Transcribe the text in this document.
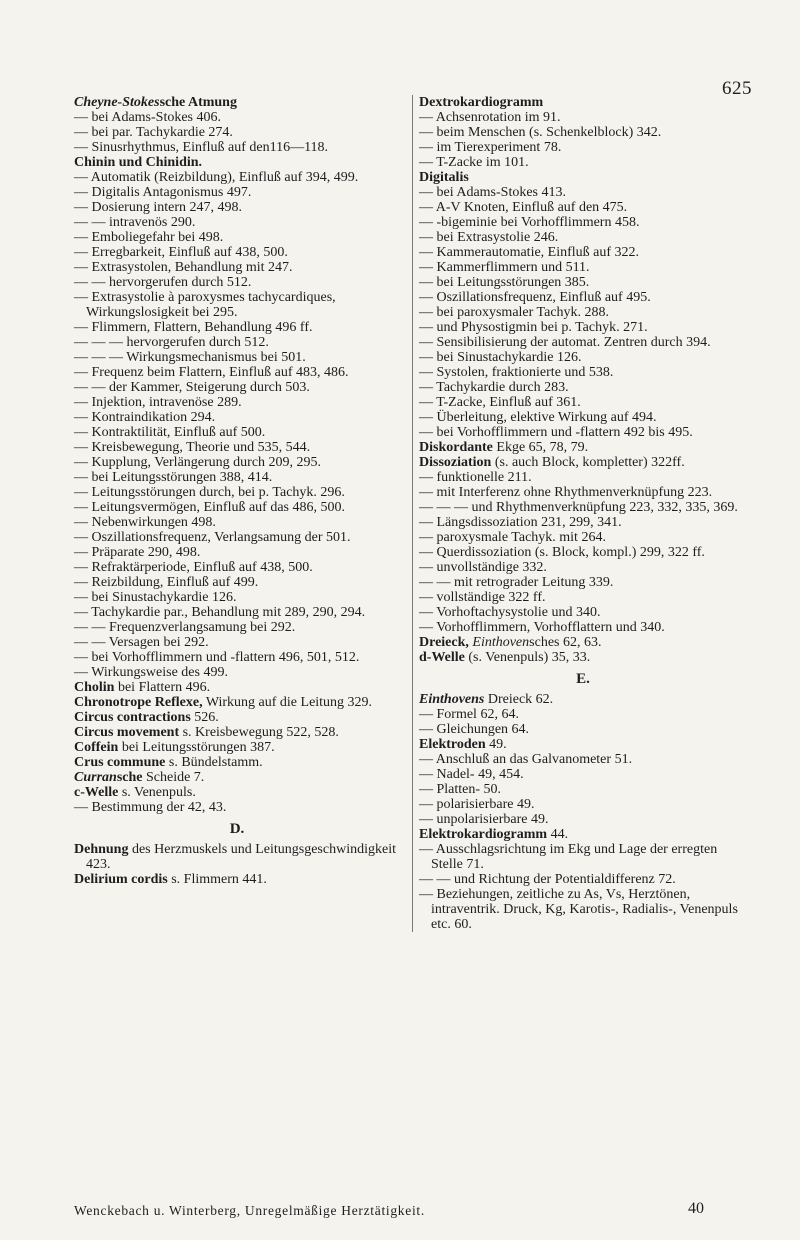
625

Cheyne-Stokessche Atmung

— bei Adams-Stokes 406.

— bei par. Tachykardie 274.

— Sinusrhythmus, Einfluß auf den116—118.

Chinin und Chinidin.

— Automatik (Reizbildung), Einfluß auf 394, 499.

— Digitalis Antagonismus 497.

— Dosierung intern 247, 498.

— — intravenös 290.

— Emboliegefahr bei 498.

— Erregbarkeit, Einfluß auf 438, 500.

— Extrasystolen, Behandlung mit 247.

— — hervorgerufen durch 512.

— Extrasystolie à paroxysmes tachycardiques, Wirkungslosigkeit bei 295.

— Flimmern, Flattern, Behandlung 496 ff.

— — — hervorgerufen durch 512.

— — — Wirkungsmechanismus bei 501.

— Frequenz beim Flattern, Einfluß auf 483, 486.

— — der Kammer, Steigerung durch 503.

— Injektion, intravenöse 289.

— Kontraindikation 294.

— Kontraktilität, Einfluß auf 500.

— Kreisbewegung, Theorie und 535, 544.

— Kupplung, Verlängerung durch 209, 295.

— bei Leitungsstörungen 388, 414.

— Leitungsstörungen durch, bei p. Tachyk. 296.

— Leitungsvermögen, Einfluß auf das 486, 500.

— Nebenwirkungen 498.

— Oszillationsfrequenz, Verlangsamung der 501.

— Präparate 290, 498.

— Refraktärperiode, Einfluß auf 438, 500.

— Reizbildung, Einfluß auf 499.

— bei Sinustachykardie 126.

— Tachykardie par., Behandlung mit 289, 290, 294.

— — Frequenzverlangsamung bei 292.

— — Versagen bei 292.

— bei Vorhofflimmern und -flattern 496, 501, 512.

— Wirkungsweise des 499.

Cholin bei Flattern 496.

Chronotrope Reflexe, Wirkung auf die Leitung 329.

Circus contractions 526.

Circus movement s. Kreisbewegung 522, 528.

Coffein bei Leitungsstörungen 387.

Crus commune s. Bündelstamm.

Curransche Scheide 7.

c-Welle s. Venenpuls.

— Bestimmung der 42, 43.

D.

Dehnung des Herzmuskels und Leitungsgeschwindigkeit 423.

Delirium cordis s. Flimmern 441.

Dextrokardiogramm

— Achsenrotation im 91.

— beim Menschen (s. Schenkelblock) 342.

— im Tierexperiment 78.

— T-Zacke im 101.

Digitalis

— bei Adams-Stokes 413.

— A-V Knoten, Einfluß auf den 475.

— -bigeminie bei Vorhofflimmern 458.

— bei Extrasystolie 246.

— Kammerautomatie, Einfluß auf 322.

— Kammerflimmern und 511.

— bei Leitungsstörungen 385.

— Oszillationsfrequenz, Einfluß auf 495.

— bei paroxysmaler Tachyk. 288.

— und Physostigmin bei p. Tachyk. 271.

— Sensibilisierung der automat. Zentren durch 394.

— bei Sinustachykardie 126.

— Systolen, fraktionierte und 538.

— Tachykardie durch 283.

— T-Zacke, Einfluß auf 361.

— Überleitung, elektive Wirkung auf 494.

— bei Vorhofflimmern und -flattern 492 bis 495.

Diskordante Ekge 65, 78, 79.

Dissoziation (s. auch Block, kompletter) 322ff.

— funktionelle 211.

— mit Interferenz ohne Rhythmenverknüpfung 223.

— — — und Rhythmenverknüpfung 223, 332, 335, 369.

— Längsdissoziation 231, 299, 341.

— paroxysmale Tachyk. mit 264.

— Querdissoziation (s. Block, kompl.) 299, 322 ff.

— unvollständige 332.

— — mit retrograder Leitung 339.

— vollständige 322 ff.

— Vorhoftachysystolie und 340.

— Vorhofflimmern, Vorhofflattern und 340.

Dreieck, Einthovensches 62, 63.

d-Welle (s. Venenpuls) 35, 33.

E.

Einthovens Dreieck 62.

— Formel 62, 64.

— Gleichungen 64.

Elektroden 49.

— Anschluß an das Galvanometer 51.

— Nadel- 49, 454.

— Platten- 50.

— polarisierbare 49.

— unpolarisierbare 49.

Elektrokardiogramm 44.

— Ausschlagsrichtung im Ekg und Lage der erregten Stelle 71.

— — und Richtung der Potentialdifferenz 72.

— Beziehungen, zeitliche zu As, Vs, Herztönen, intraventrik. Druck, Kg, Karotis-, Radialis-, Venenpuls etc. 60.

Wenckebach u. Winterberg, Unregelmäßige Herztätigkeit.	40
